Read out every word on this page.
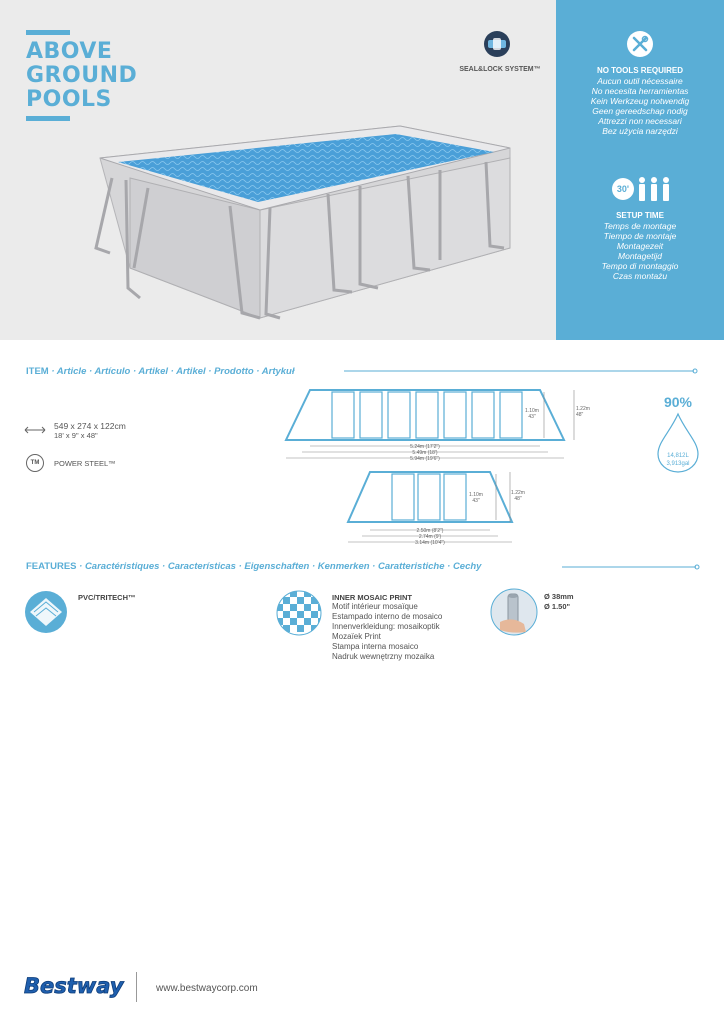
ABOVE
GROUND
POOLS
SEAL&LOCK SYSTEM™	NO TOOLS REQUIRED
Aucun outil nécessaire
No necesita herramientas
Kein Werkzeug notwendig
Geen gereedschap nodig
Attrezzi non necessari
Bez użycia narzędzi
30'
SETUP TIME
Temps de montage
Tiempo de montaje
Montagezeit
Montagetijd
Tempo di montaggio
Czas montażu
ITEM · Article · Artículo · Artikel · Artikel · Prodotto · Artykuł
549 x 274 x 122cm
18' x 9'' x 48"
TM	POWER STEEL™
5.24m (17'2")
5.49m (18')
5.94m (19'6")
1.10m
43"
1.22m
48"
2.50m (8'2")
2.74m (9')
3.14m (10'4")
1.10m
43"
1.22m
48"
90%
14,812L
3,913gal
FEATURES · Caractéristiques · Características · Eigenschaften · Kenmerken · Caratteristiche · Cechy
PVC/TRITECH™	INNER MOSAIC PRINT
Motif intérieur mosaïque
Estampado interno de mosaico
Innenverkleidung: mosaikoptik
Mozaïek Print
Stampa interna mosaico
Nadruk wewnętrzny mozaika
Ø 38mm
Ø 1.50"
Bestway	www.bestwaycorp.com
